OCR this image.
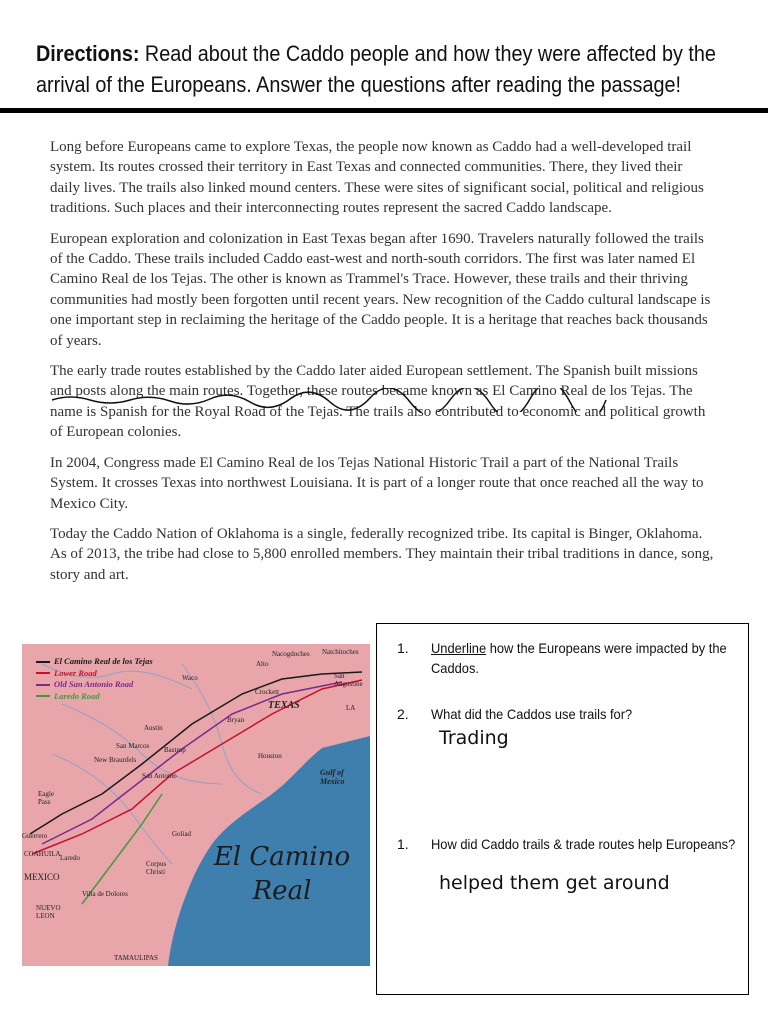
Directions: Read about the Caddo people and how they were affected by the arrival of the Europeans. Answer the questions after reading the passage!

Long before Europeans came to explore Texas, the people now known as Caddo had a well-developed trail system. Its routes crossed their territory in East Texas and connected communities. There, they lived their daily lives. The trails also linked mound centers. These were sites of significant social, political and religious traditions. Such places and their interconnecting routes represent the sacred Caddo landscape.

European exploration and colonization in East Texas began after 1690. Travelers naturally followed the trails of the Caddo. These trails included Caddo east-west and north-south corridors. The first was later named El Camino Real de los Tejas. The other is known as Trammel's Trace. However, these trails and their thriving communities had mostly been forgotten until recent years. New recognition of the Caddo cultural landscape is one important step in reclaiming the heritage of the Caddo people. It is a heritage that reaches back thousands of years.

The early trade routes established by the Caddo later aided European settlement. The Spanish built missions and posts along the main routes. Together, these routes became known as El Camino Real de los Tejas. The name is Spanish for the Royal Road of the Tejas. The trails also contributed to economic and political growth of European colonies.

In 2004, Congress made El Camino Real de los Tejas National Historic Trail a part of the National Trails System. It crosses Texas into northwest Louisiana. It is part of a longer route that once reached all the way to Mexico City.

Today the Caddo Nation of Oklahoma is a single, federally recognized tribe. Its capital is Binger, Oklahoma. As of 2013, the tribe had close to 5,800 enrolled members. They maintain their tribal traditions in dance, song, story and art.

El Camino Real de los Tejas
Lower Road
Old San Antonio Road
Laredo Road
Nacogdoches Natchitoches
Alto
Waco
Crockett
San Augustine
TEXAS	LA
Austin
Bryan
San Marcos Bastrop
New Braunfels
San Antonio
Houston
Gulf of Mexico
Eagle Pass
Guerrero
COAHUILA
MEXICO
NUEVO LEON
Laredo
Goliad
Corpus Christi
Villa de Dolores
TAMAULIPAS
El Camino
Real
1. Underline how the Europeans were impacted by the Caddos.
2. What did the Caddos use trails for?
Trading
1. How did Caddo trails & trade routes help Europeans?
helped them get around
